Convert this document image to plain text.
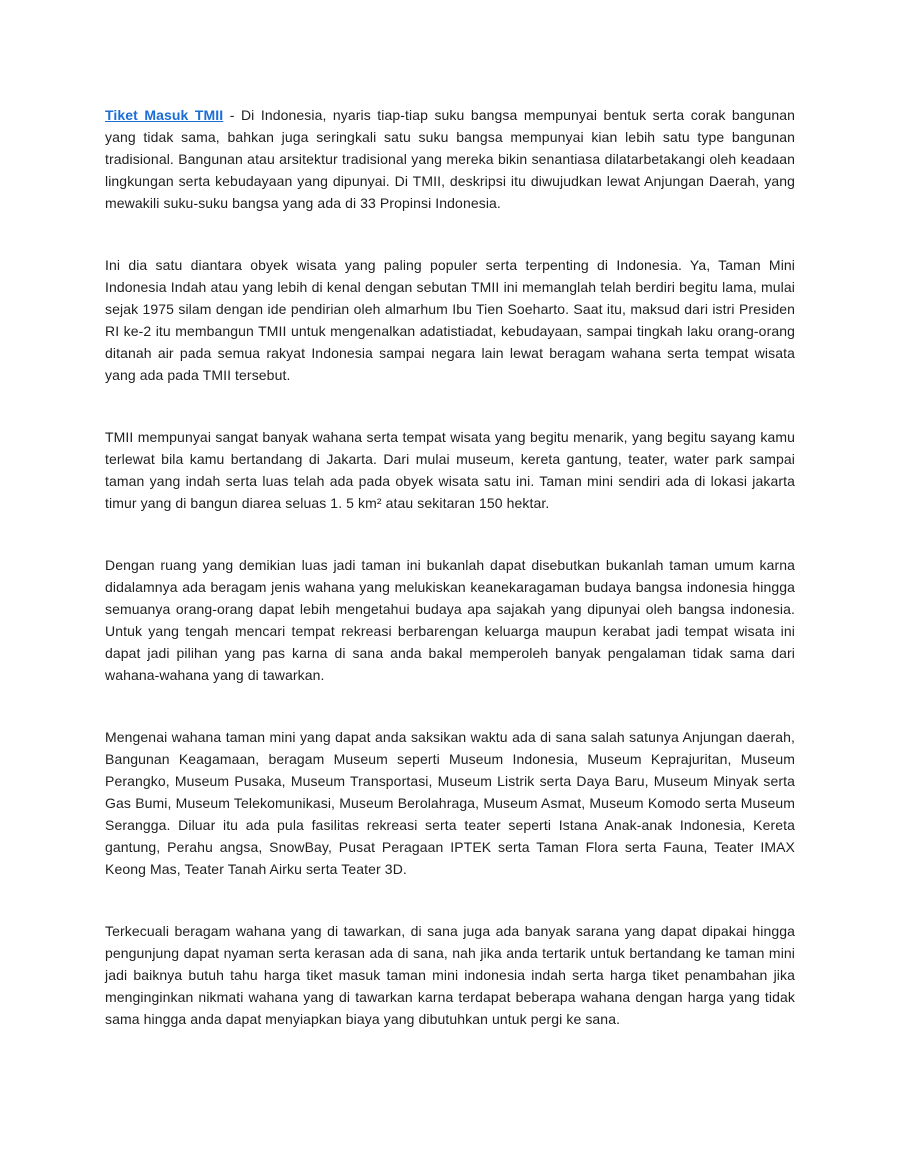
Tiket Masuk TMII - Di Indonesia, nyaris tiap-tiap suku bangsa mempunyai bentuk serta corak bangunan yang tidak sama, bahkan juga seringkali satu suku bangsa mempunyai kian lebih satu type bangunan tradisional. Bangunan atau arsitektur tradisional yang mereka bikin senantiasa dilatarbetakangi oleh keadaan lingkungan serta kebudayaan yang dipunyai. Di TMII, deskripsi itu diwujudkan lewat Anjungan Daerah, yang mewakili suku-suku bangsa yang ada di 33 Propinsi Indonesia.

Ini dia satu diantara obyek wisata yang paling populer serta terpenting di Indonesia. Ya, Taman Mini Indonesia Indah atau yang lebih di kenal dengan sebutan TMII ini memanglah telah berdiri begitu lama, mulai sejak 1975 silam dengan ide pendirian oleh almarhum Ibu Tien Soeharto. Saat itu, maksud dari istri Presiden RI ke-2 itu membangun TMII untuk mengenalkan adatistiadat, kebudayaan, sampai tingkah laku orang-orang ditanah air pada semua rakyat Indonesia sampai negara lain lewat beragam wahana serta tempat wisata yang ada pada TMII tersebut.

TMII mempunyai sangat banyak wahana serta tempat wisata yang begitu menarik, yang begitu sayang kamu terlewat bila kamu bertandang di Jakarta. Dari mulai museum, kereta gantung, teater, water park sampai taman yang indah serta luas telah ada pada obyek wisata satu ini. Taman mini sendiri ada di lokasi jakarta timur yang di bangun diarea seluas 1. 5 km² atau sekitaran 150 hektar.

Dengan ruang yang demikian luas jadi taman ini bukanlah dapat disebutkan bukanlah taman umum karna didalamnya ada beragam jenis wahana yang melukiskan keanekaragaman budaya bangsa indonesia hingga semuanya orang-orang dapat lebih mengetahui budaya apa sajakah yang dipunyai oleh bangsa indonesia. Untuk yang tengah mencari tempat rekreasi berbarengan keluarga maupun kerabat jadi tempat wisata ini dapat jadi pilihan yang pas karna di sana anda bakal memperoleh banyak pengalaman tidak sama dari wahana-wahana yang di tawarkan.

Mengenai wahana taman mini yang dapat anda saksikan waktu ada di sana salah satunya Anjungan daerah, Bangunan Keagamaan, beragam Museum seperti Museum Indonesia, Museum Keprajuritan, Museum Perangko, Museum Pusaka, Museum Transportasi, Museum Listrik serta Daya Baru, Museum Minyak serta Gas Bumi, Museum Telekomunikasi, Museum Berolahraga, Museum Asmat, Museum Komodo serta Museum Serangga. Diluar itu ada pula fasilitas rekreasi serta teater seperti Istana Anak-anak Indonesia, Kereta gantung, Perahu angsa, SnowBay, Pusat Peragaan IPTEK serta Taman Flora serta Fauna, Teater IMAX Keong Mas, Teater Tanah Airku serta Teater 3D.

Terkecuali beragam wahana yang di tawarkan, di sana juga ada banyak sarana yang dapat dipakai hingga pengunjung dapat nyaman serta kerasan ada di sana, nah jika anda tertarik untuk bertandang ke taman mini jadi baiknya butuh tahu harga tiket masuk taman mini indonesia indah serta harga tiket penambahan jika menginginkan nikmati wahana yang di tawarkan karna terdapat beberapa wahana dengan harga yang tidak sama hingga anda dapat menyiapkan biaya yang dibutuhkan untuk pergi ke sana.
